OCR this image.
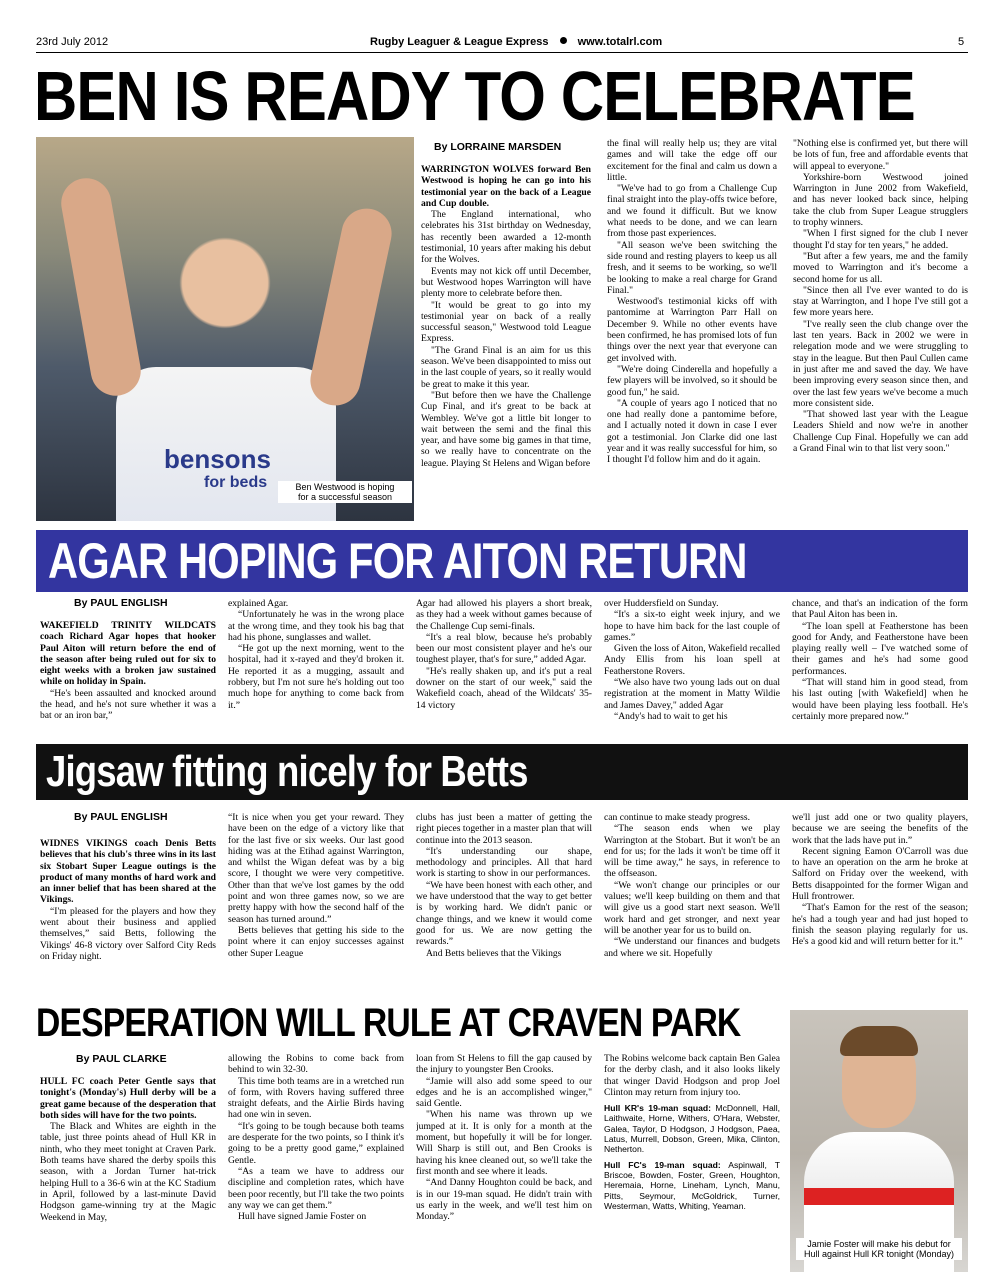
23rd July 2012	Rugby Leaguer & League Express	www.totalrl.com	5
BEN IS READY TO CELEBRATE
bensons
for beds	Ben Westwood is hoping
for a successful season
By LORRAINE MARSDEN

WARRINGTON WOLVES forward Ben Westwood is hoping he can go into his testimonial year on the back of a League and Cup double.

The England international, who celebrates his 31st birthday on Wednesday, has recently been awarded a 12-month testimonial, 10 years after making his debut for the Wolves.

Events may not kick off until December, but Westwood hopes Warrington will have plenty more to celebrate before then.

"It would be great to go into my testimonial year on back of a really successful season," Westwood told League Express.

"The Grand Final is an aim for us this season. We've been disappointed to miss out in the last couple of years, so it really would be great to make it this year.

"But before then we have the Challenge Cup Final, and it's great to be back at Wembley. We've got a little bit longer to wait between the semi and the final this year, and have some big games in that time, so we really have to concentrate on the league. Playing St Helens and Wigan before

the final will really help us; they are vital games and will take the edge off our excitement for the final and calm us down a little.

"We've had to go from a Challenge Cup final straight into the play-offs twice before, and we found it difficult. But we know what needs to be done, and we can learn from those past experiences.

"All season we've been switching the side round and resting players to keep us all fresh, and it seems to be working, so we'll be looking to make a real charge for Grand Final."

Westwood's testimonial kicks off with pantomime at Warrington Parr Hall on December 9. While no other events have been confirmed, he has promised lots of fun things over the next year that everyone can get involved with.

"We're doing Cinderella and hopefully a few players will be involved, so it should be good fun," he said.

"A couple of years ago I noticed that no one had really done a pantomime before, and I actually noted it down in case I ever got a testimonial. Jon Clarke did one last year and it was really successful for him, so I thought I'd follow him and do it again.

"Nothing else is confirmed yet, but there will be lots of fun, free and affordable events that will appeal to everyone."

Yorkshire-born Westwood joined Warrington in June 2002 from Wakefield, and has never looked back since, helping take the club from Super League strugglers to trophy winners.

"When I first signed for the club I never thought I'd stay for ten years," he added.

"But after a few years, me and the family moved to Warrington and it's become a second home for us all.

"Since then all I've ever wanted to do is stay at Warrington, and I hope I've still got a few more years here.

"I've really seen the club change over the last ten years. Back in 2002 we were in relegation mode and we were struggling to stay in the league. But then Paul Cullen came in just after me and saved the day. We have been improving every season since then, and over the last few years we've become a much more consistent side.

"That showed last year with the League Leaders Shield and now we're in another Challenge Cup Final. Hopefully we can add a Grand Final win to that list very soon."

AGAR HOPING FOR AITON RETURN
By PAUL ENGLISH

WAKEFIELD TRINITY WILDCATS coach Richard Agar hopes that hooker Paul Aiton will return before the end of the season after being ruled out for six to eight weeks with a broken jaw sustained while on holiday in Spain.

“He's been assaulted and knocked around the head, and he's not sure whether it was a bat or an iron bar,”

explained Agar.

“Unfortunately he was in the wrong place at the wrong time, and they took his bag that had his phone, sunglasses and wallet.

“He got up the next morning, went to the hospital, had it x-rayed and they'd broken it. He reported it as a mugging, assault and robbery, but I'm not sure he's holding out too much hope for anything to come back from it.”

Agar had allowed his players a short break, as they had a week without games because of the Challenge Cup semi-finals.

“It's a real blow, because he's probably been our most consistent player and he's our toughest player, that's for sure,” added Agar.

"He's really shaken up, and it's put a real downer on the start of our week," said the Wakefield coach, ahead of the Wildcats' 35-14 victory

over Huddersfield on Sunday.

“It's a six-to eight week injury, and we hope to have him back for the last couple of games.”

Given the loss of Aiton, Wakefield recalled Andy Ellis from his loan spell at Featherstone Rovers.

“We also have two young lads out on dual registration at the moment in Matty Wildie and James Davey," added Agar

“Andy's had to wait to get his

chance, and that's an indication of the form that Paul Aiton has been in.

“The loan spell at Featherstone has been good for Andy, and Featherstone have been playing really well – I've watched some of their games and he's had some good performances.

“That will stand him in good stead, from his last outing [with Wakefield] when he would have been playing less football. He's certainly more prepared now.”

Jigsaw fitting nicely for Betts
By PAUL ENGLISH

WIDNES VIKINGS coach Denis Betts believes that his club's three wins in its last six Stobart Super League outings is the product of many months of hard work and an inner belief that has been shared at the Vikings.

“I'm pleased for the players and how they went about their business and applied themselves,” said Betts, following the Vikings' 46-8 victory over Salford City Reds on Friday night.

“It is nice when you get your reward. They have been on the edge of a victory like that for the last five or six weeks. Our last good hiding was at the Etihad against Warrington, and whilst the Wigan defeat was by a big score, I thought we were very competitive. Other than that we've lost games by the odd point and won three games now, so we are pretty happy with how the second half of the season has turned around.”

Betts believes that getting his side to the point where it can enjoy successes against other Super League

clubs has just been a matter of getting the right pieces together in a master plan that will continue into the 2013 season.

“It's understanding our shape, methodology and principles. All that hard work is starting to show in our performances.

“We have been honest with each other, and we have understood that the way to get better is by working hard. We didn't panic or change things, and we knew it would come good for us. We are now getting the rewards.”

And Betts believes that the Vikings

can continue to make steady progress.

“The season ends when we play Warrington at the Stobart. But it won't be an end for us; for the lads it won't be time off it will be time away,” he says, in reference to the offseason.

“We won't change our principles or our values; we'll keep building on them and that will give us a good start next season. We'll work hard and get stronger, and next year will be another year for us to build on.

“We understand our finances and budgets and where we sit. Hopefully

we'll just add one or two quality players, because we are seeing the benefits of the work that the lads have put in.”

Recent signing Eamon O'Carroll was due to have an operation on the arm he broke at Salford on Friday over the weekend, with Betts disappointed for the former Wigan and Hull frontrower.

“That's Eamon for the rest of the season; he's had a tough year and had just hoped to finish the season playing regularly for us. He's a good kid and will return better for it.”

DESPERATION WILL RULE AT CRAVEN PARK
By PAUL CLARKE

HULL FC coach Peter Gentle says that tonight's (Monday's) Hull derby will be a great game because of the desperation that both sides will have for the two points.

The Black and Whites are eighth in the table, just three points ahead of Hull KR in ninth, who they meet tonight at Craven Park. Both teams have shared the derby spoils this season, with a Jordan Turner hat-trick helping Hull to a 36-6 win at the KC Stadium in April, followed by a last-minute David Hodgson game-winning try at the Magic Weekend in May,

allowing the Robins to come back from behind to win 32-30.

This time both teams are in a wretched run of form, with Rovers having suffered three straight defeats, and the Airlie Birds having had one win in seven.

“It's going to be tough because both teams are desperate for the two points, so I think it's going to be a pretty good game,” explained Gentle.

“As a team we have to address our discipline and completion rates, which have been poor recently, but I'll take the two points any way we can get them.”

Hull have signed Jamie Foster on

loan from St Helens to fill the gap caused by the injury to youngster Ben Crooks.

“Jamie will also add some speed to our edges and he is an accomplished winger," said Gentle.

"When his name was thrown up we jumped at it. It is only for a month at the moment, but hopefully it will be for longer. Will Sharp is still out, and Ben Crooks is having his knee cleaned out, so we'll take the first month and see where it leads.

“And Danny Houghton could be back, and is in our 19-man squad. He didn't train with us early in the week, and we'll test him on Monday.”

The Robins welcome back captain Ben Galea for the derby clash, and it also looks likely that winger David Hodgson and prop Joel Clinton may return from injury too.

Hull KR's 19-man squad: McDonnell, Hall, Laithwaite, Horne, Withers, O'Hara, Webster, Galea, Taylor, D Hodgson, J Hodgson, Paea, Latus, Murrell, Dobson, Green, Mika, Clinton, Netherton.

Hull FC's 19-man squad: Aspinwall, T Briscoe, Bowden, Foster, Green, Houghton, Heremaia, Horne, Lineham, Lynch, Manu, Pitts, Seymour, McGoldrick, Turner, Westerman, Watts, Whiting, Yeaman.

Jamie Foster will make his debut for
Hull against Hull KR tonight (Monday)
